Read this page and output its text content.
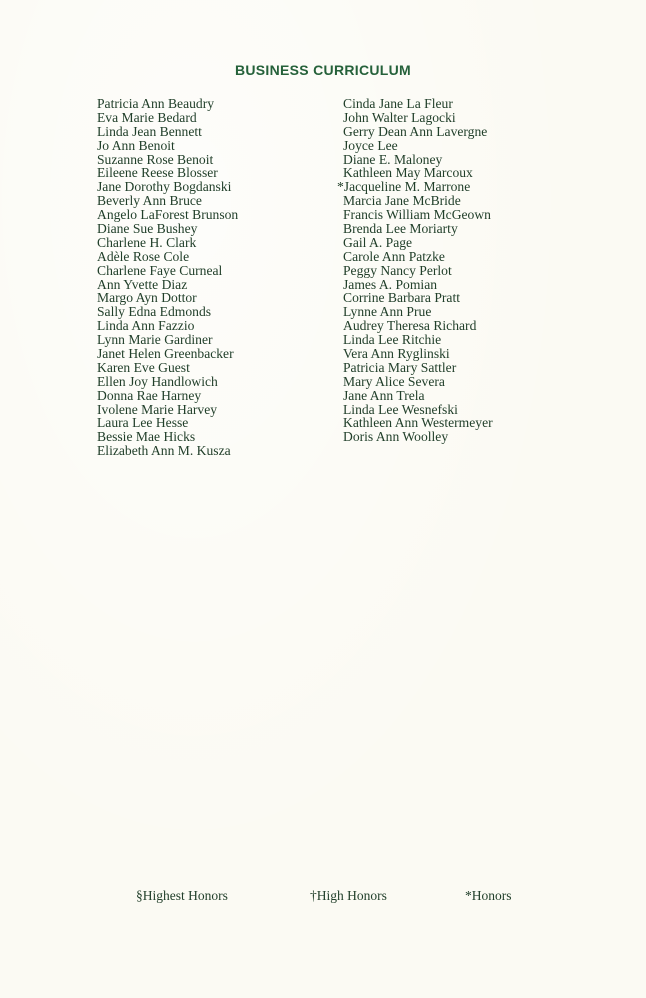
BUSINESS CURRICULUM
Patricia Ann Beaudry
Eva Marie Bedard
Linda Jean Bennett
Jo Ann Benoit
Suzanne Rose Benoit
Eileene Reese Blosser
Jane Dorothy Bogdanski
Beverly Ann Bruce
Angelo LaForest Brunson
Diane Sue Bushey
Charlene H. Clark
Adèle Rose Cole
Charlene Faye Curneal
Ann Yvette Diaz
Margo Ayn Dottor
Sally Edna Edmonds
Linda Ann Fazzio
Lynn Marie Gardiner
Janet Helen Greenbacker
Karen Eve Guest
Ellen Joy Handlowich
Donna Rae Harney
Ivolene Marie Harvey
Laura Lee Hesse
Bessie Mae Hicks
Elizabeth Ann M. Kusza
Cinda Jane La Fleur
John Walter Lagocki
Gerry Dean Ann Lavergne
Joyce Lee
Diane E. Maloney
Kathleen May Marcoux
*Jacqueline M. Marrone
Marcia Jane McBride
Francis William McGeown
Brenda Lee Moriarty
Gail A. Page
Carole Ann Patzke
Peggy Nancy Perlot
James A. Pomian
Corrine Barbara Pratt
Lynne Ann Prue
Audrey Theresa Richard
Linda Lee Ritchie
Vera Ann Ryglinski
Patricia Mary Sattler
Mary Alice Severa
Jane Ann Trela
Linda Lee Wesnefski
Kathleen Ann Westermeyer
Doris Ann Woolley
§Highest Honors	†High Honors	*Honors
